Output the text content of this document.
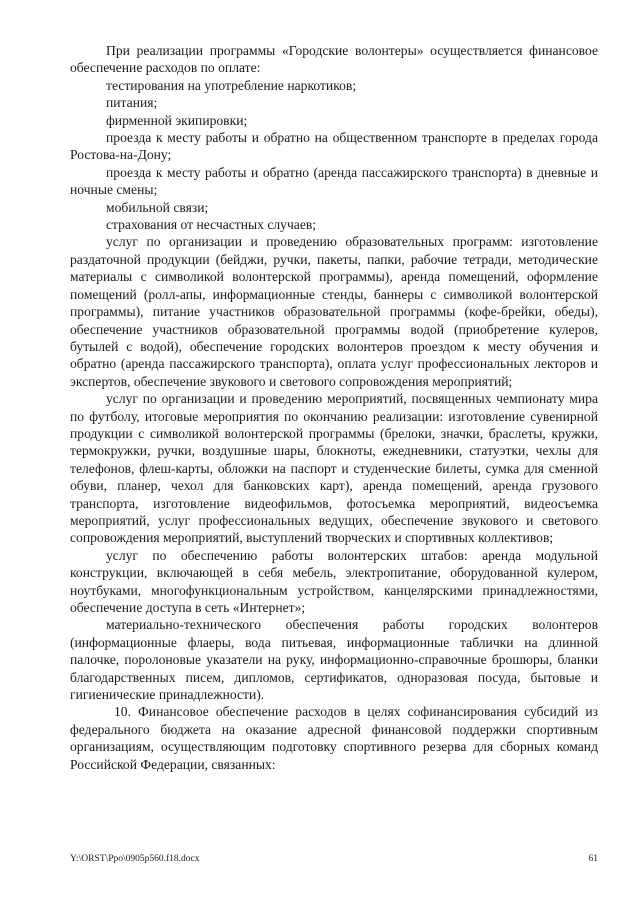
При реализации программы «Городские волонтеры» осуществляется финансовое обеспечение расходов по оплате:

тестирования на употребление наркотиков;

питания;

фирменной экипировки;

проезда к месту работы и обратно на общественном транспорте в пределах города Ростова-на-Дону;

проезда к месту работы и обратно (аренда пассажирского транспорта) в дневные и ночные смены;

мобильной связи;

страхования от несчастных случаев;

услуг по организации и проведению образовательных программ: изготовление раздаточной продукции (бейджи, ручки, пакеты, папки, рабочие тетради, методические материалы с символикой волонтерской программы), аренда помещений, оформление помещений (ролл-апы, информационные стенды, баннеры с символикой волонтерской программы), питание участников образовательной программы (кофе-брейки, обеды), обеспечение участников образовательной программы водой (приобретение кулеров, бутылей с водой), обеспечение городских волонтеров проездом к месту обучения и обратно (аренда пассажирского транспорта), оплата услуг профессиональных лекторов и экспертов, обеспечение звукового и светового сопровождения мероприятий;

услуг по организации и проведению мероприятий, посвященных чемпионату мира по футболу, итоговые мероприятия по окончанию реализации: изготовление сувенирной продукции с символикой волонтерской программы (брелоки, значки, браслеты, кружки, термокружки, ручки, воздушные шары, блокноты, ежедневники, статуэтки, чехлы для телефонов, флеш-карты, обложки на паспорт и студенческие билеты, сумка для сменной обуви, планер, чехол для банковских карт), аренда помещений, аренда грузового транспорта, изготовление видеофильмов, фотосъемка мероприятий, видеосъемка мероприятий, услуг профессиональных ведущих, обеспечение звукового и светового сопровождения мероприятий, выступлений творческих и спортивных коллективов;

услуг по обеспечению работы волонтерских штабов: аренда модульной конструкции, включающей в себя мебель, электропитание, оборудованной кулером, ноутбуками, многофункциональным устройством, канцелярскими принадлежностями, обеспечение доступа в сеть «Интернет»;

материально-технического обеспечения работы городских волонтеров (информационные флаеры, вода питьевая, информационные таблички на длинной палочке, поролоновые указатели на руку, информационно-справочные брошюры, бланки благодарственных писем, дипломов, сертификатов, одноразовая посуда, бытовые и гигиенические принадлежности).

10. Финансовое обеспечение расходов в целях софинансирования субсидий из федерального бюджета на оказание адресной финансовой поддержки спортивным организациям, осуществляющим подготовку спортивного резерва для сборных команд Российской Федерации, связанных:

Y:\ORST\Ppo\0905p560.f18.docx	61
